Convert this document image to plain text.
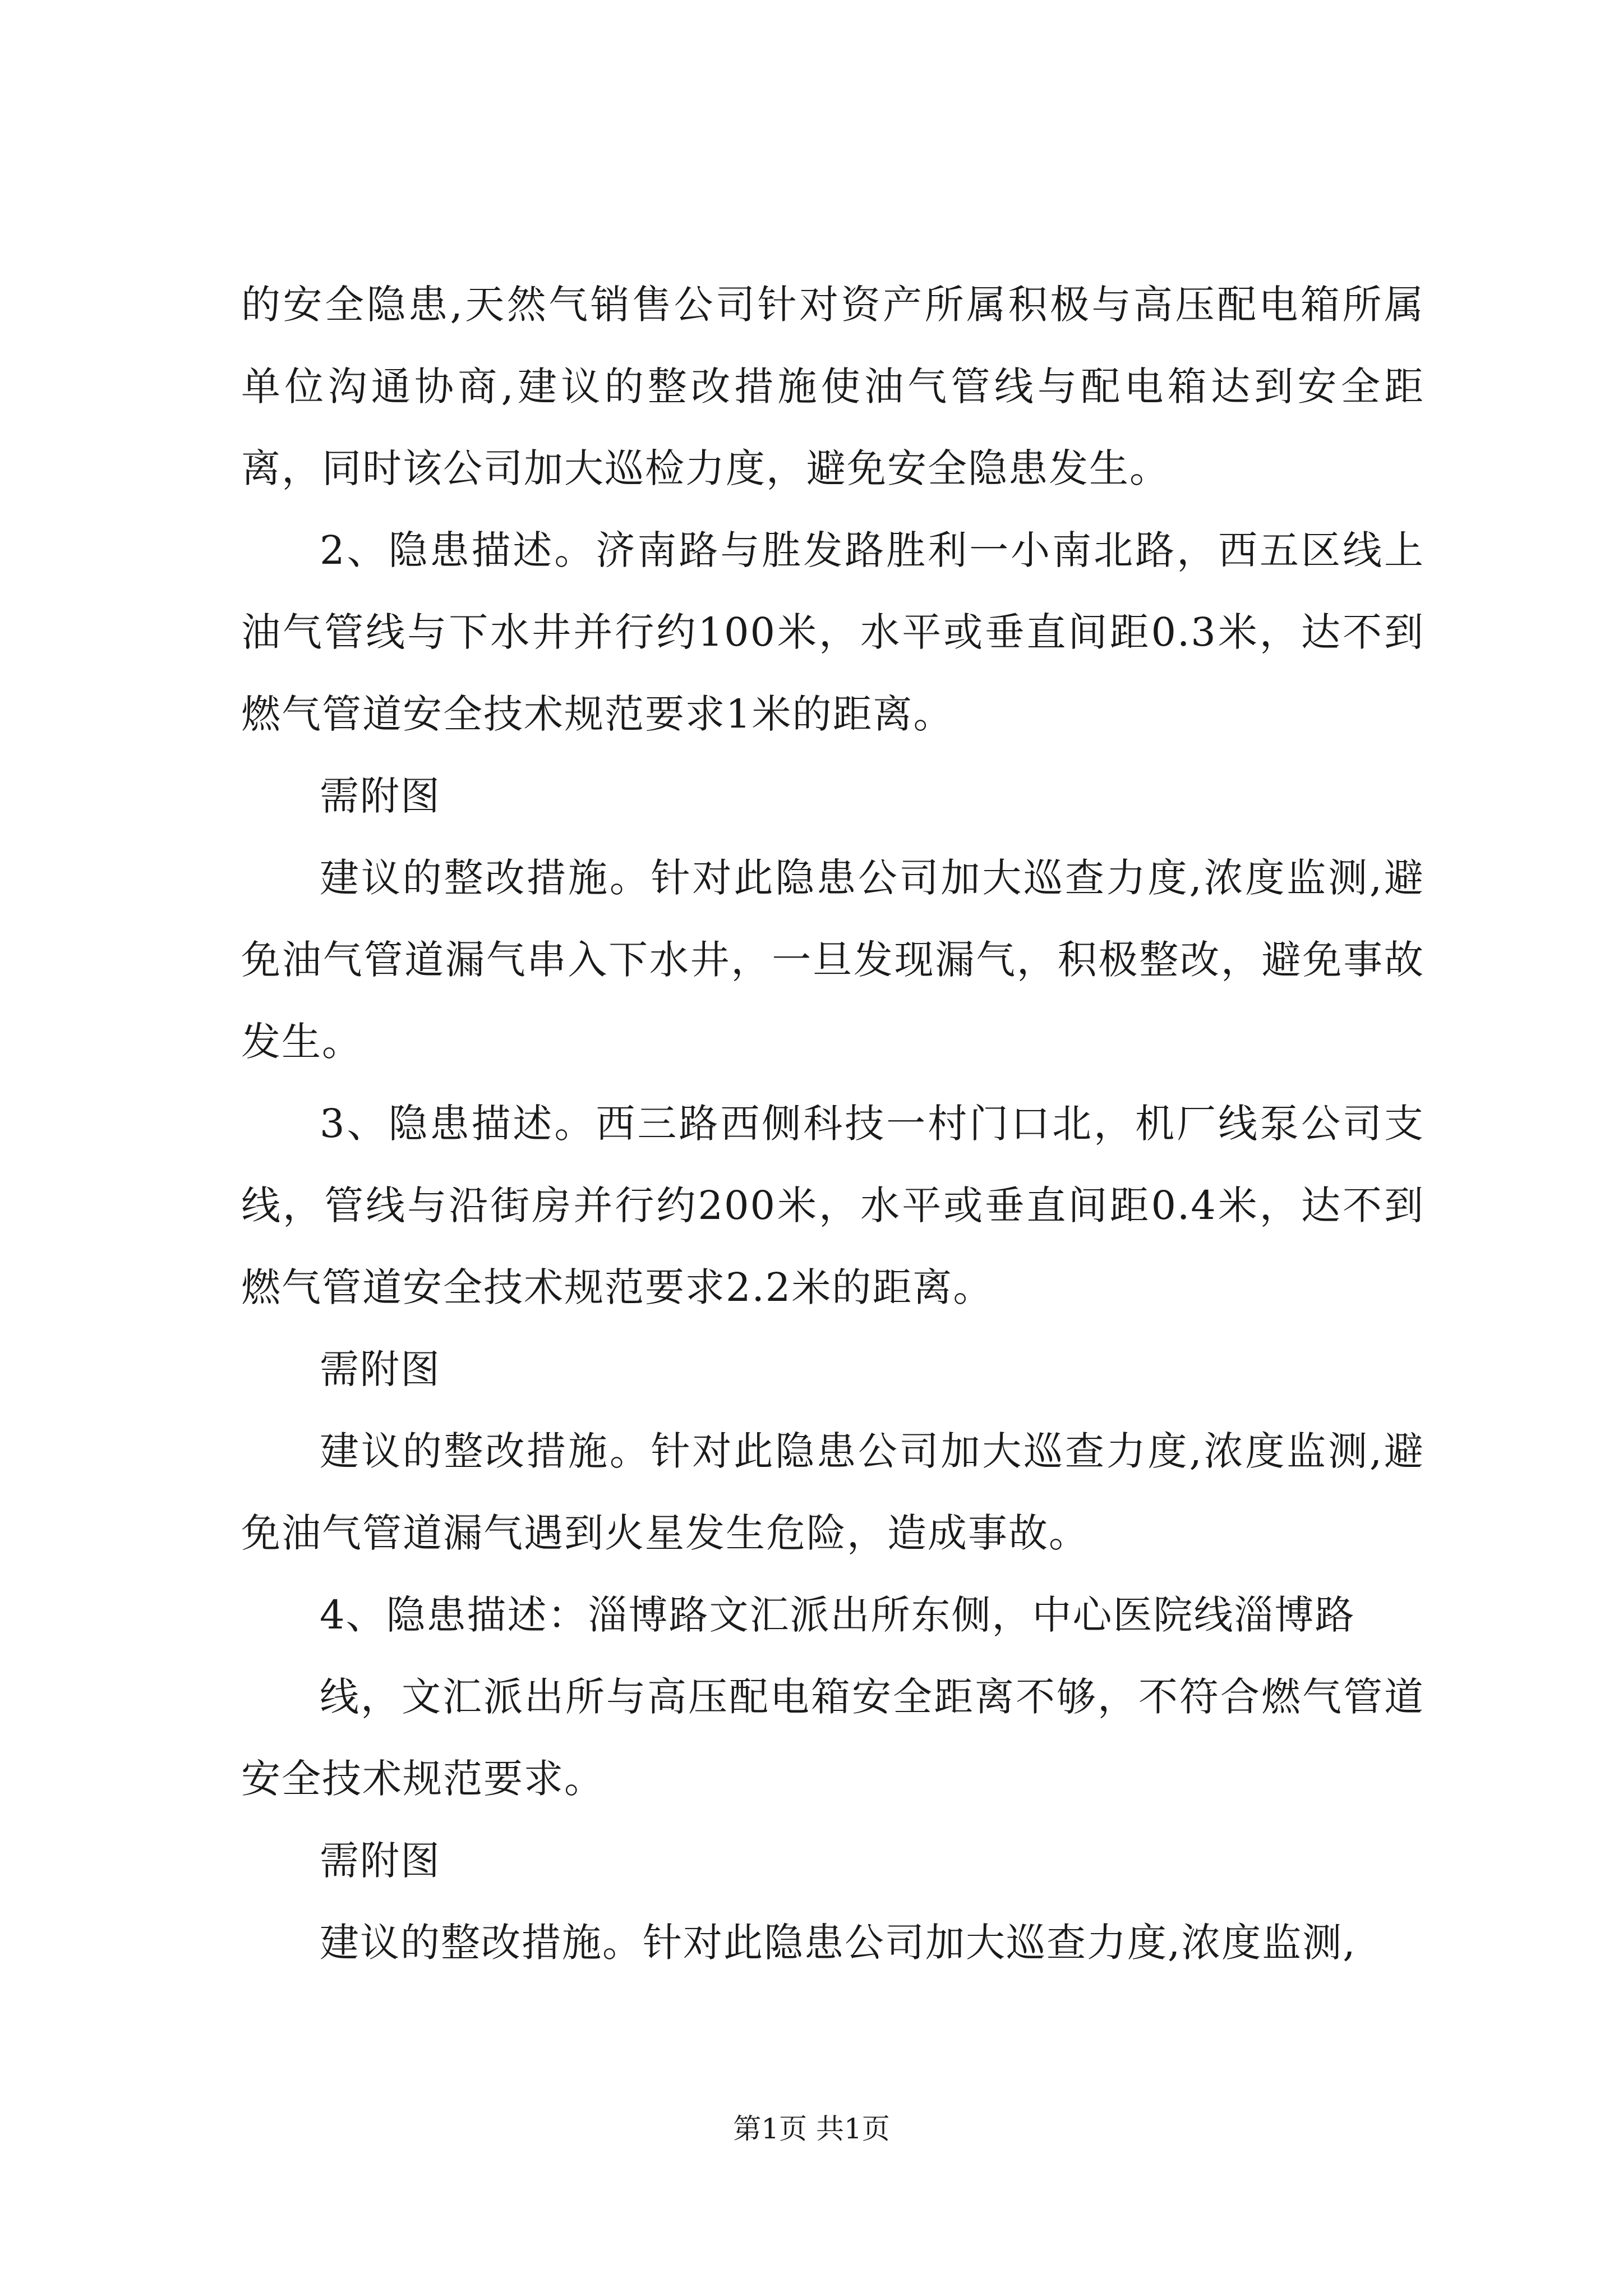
的安全隐患,天然气销售公司针对资产所属积极与高压配电箱所属单位沟通协商,建议的整改措施使油气管线与配电箱达到安全距离，同时该公司加大巡检力度，避免安全隐患发生。

2、隐患描述。济南路与胜发路胜利一小南北路，西五区线上油气管线与下水井并行约100米，水平或垂直间距0.3米，达不到燃气管道安全技术规范要求1米的距离。

需附图

建议的整改措施。针对此隐患公司加大巡查力度,浓度监测,避免油气管道漏气串入下水井，一旦发现漏气，积极整改，避免事故发生。

3、隐患描述。西三路西侧科技一村门口北，机厂线泵公司支线，管线与沿街房并行约200米，水平或垂直间距0.4米，达不到燃气管道安全技术规范要求2.2米的距离。

需附图

建议的整改措施。针对此隐患公司加大巡查力度,浓度监测,避免油气管道漏气遇到火星发生危险，造成事故。

4、隐患描述：淄博路文汇派出所东侧，中心医院线淄博路

线，文汇派出所与高压配电箱安全距离不够，不符合燃气管道安全技术规范要求。

需附图

建议的整改措施。针对此隐患公司加大巡查力度,浓度监测,

第1页 共1页
